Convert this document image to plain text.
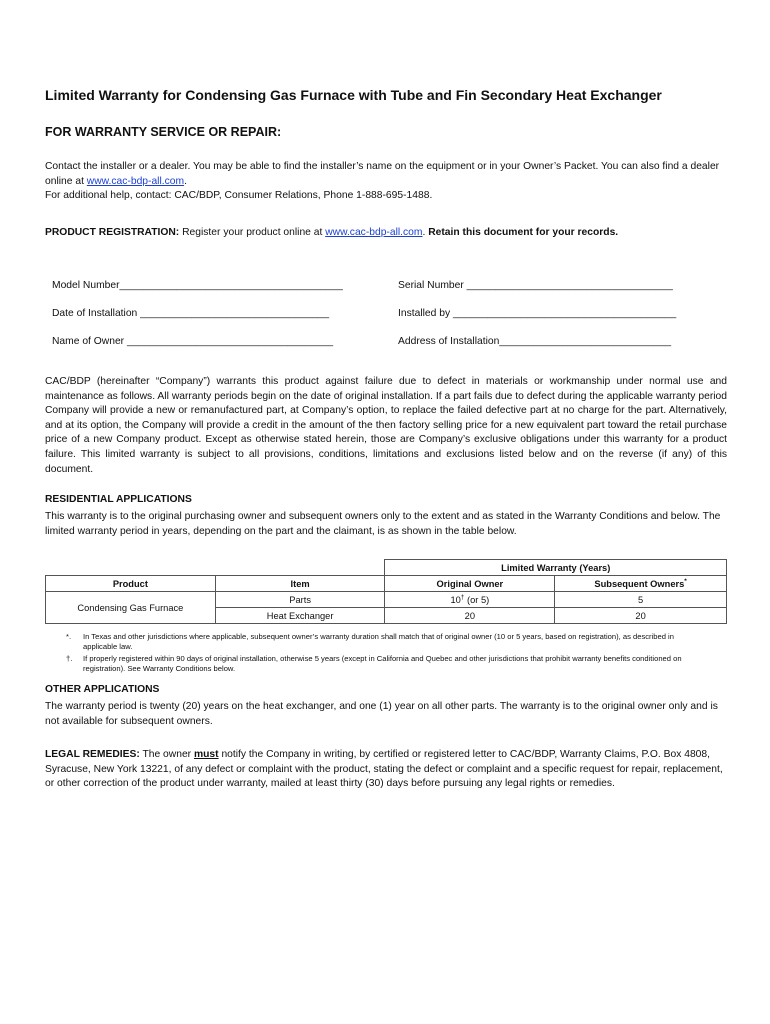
Limited Warranty for Condensing Gas Furnace with Tube and Fin Secondary Heat Exchanger
FOR WARRANTY SERVICE OR REPAIR:
Contact the installer or a dealer. You may be able to find the installer’s name on the equipment or in your Owner’s Packet. You can also find a dealer online at www.cac-bdp-all.com.
For additional help, contact: CAC/BDP, Consumer Relations, Phone 1-888-695-1488.
PRODUCT REGISTRATION: Register your product online at www.cac-bdp-all.com. Retain this document for your records.
Model Number_______________________________________	Serial Number ____________________________________
Date of Installation _________________________________	Installed by _______________________________________
Name of Owner ____________________________________	Address of Installation______________________________
CAC/BDP (hereinafter “Company”) warrants this product against failure due to defect in materials or workmanship under normal use and maintenance as follows. All warranty periods begin on the date of original installation. If a part fails due to defect during the applicable warranty period Company will provide a new or remanufactured part, at Company’s option, to replace the failed defective part at no charge for the part. Alternatively, and at its option, the Company will provide a credit in the amount of the then factory selling price for a new equivalent part toward the retail purchase price of a new Company product. Except as otherwise stated herein, those are Company’s exclusive obligations under this warranty for a product failure. This limited warranty is subject to all provisions, conditions, limitations and exclusions listed below and on the reverse (if any) of this document.
RESIDENTIAL APPLICATIONS
This warranty is to the original purchasing owner and subsequent owners only to the extent and as stated in the Warranty Conditions and below. The limited warranty period in years, depending on the part and the claimant, is as shown in the table below.
		Limited Warranty (Years)	
Product	Item	Original Owner	Subsequent Owners*
Condensing Gas Furnace	Parts	10† (or 5)	5
	Heat Exchanger	20	20
*. In Texas and other jurisdictions where applicable, subsequent owner’s warranty duration shall match that of original owner (10 or 5 years, based on registration), as described in applicable law.
†. If properly registered within 90 days of original installation, otherwise 5 years (except in California and Quebec and other jurisdictions that prohibit warranty benefits conditioned on registration). See Warranty Conditions below.
OTHER APPLICATIONS
The warranty period is twenty (20) years on the heat exchanger, and one (1) year on all other parts. The warranty is to the original owner only and is not available for subsequent owners.
LEGAL REMEDIES: The owner must notify the Company in writing, by certified or registered letter to CAC/BDP, Warranty Claims, P.O. Box 4808, Syracuse, New York 13221, of any defect or complaint with the product, stating the defect or complaint and a specific request for repair, replacement, or other correction of the product under warranty, mailed at least thirty (30) days before pursuing any legal rights or remedies.
